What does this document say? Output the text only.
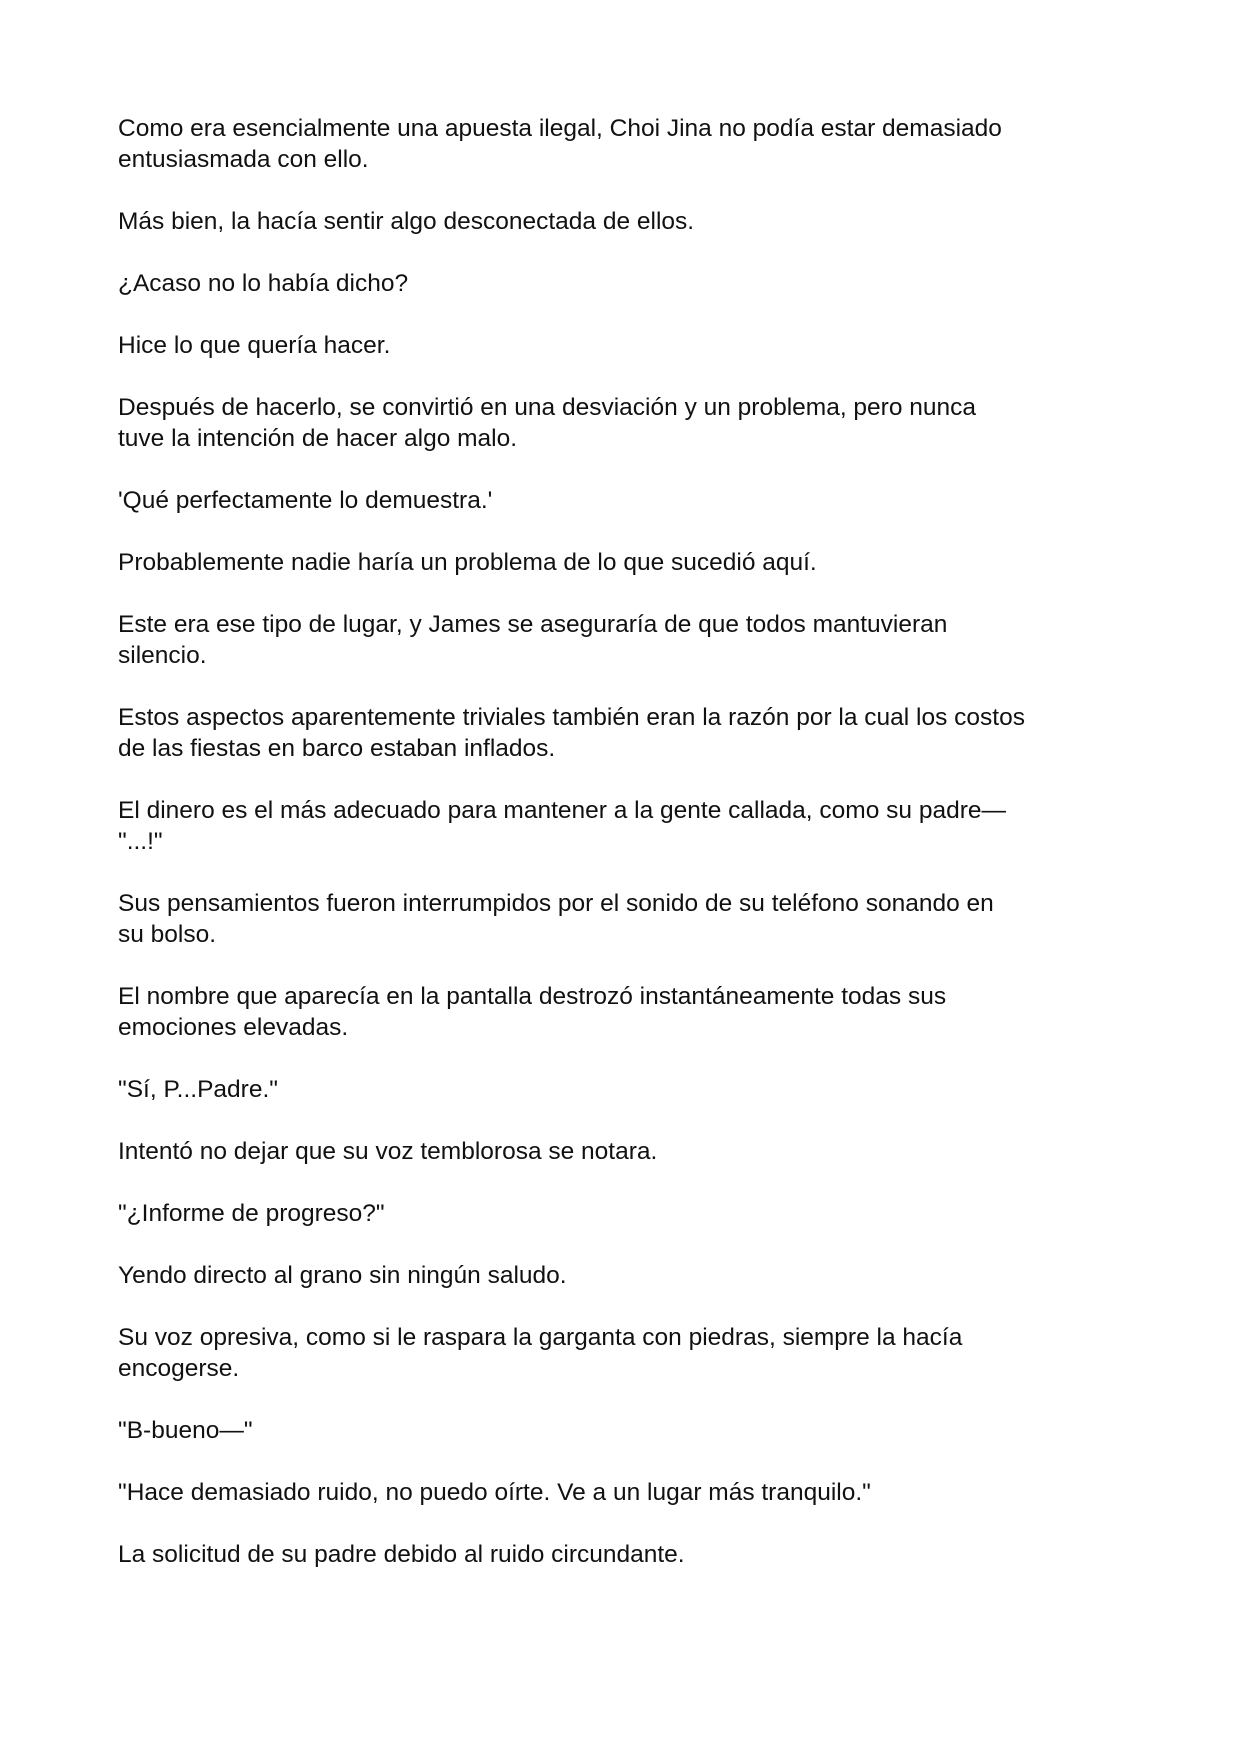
Como era esencialmente una apuesta ilegal, Choi Jina no podía estar demasiado
entusiasmada con ello.

Más bien, la hacía sentir algo desconectada de ellos.

¿Acaso no lo había dicho?

Hice lo que quería hacer.

Después de hacerlo, se convirtió en una desviación y un problema, pero nunca
tuve la intención de hacer algo malo.

'Qué perfectamente lo demuestra.'

Probablemente nadie haría un problema de lo que sucedió aquí.

Este era ese tipo de lugar, y James se aseguraría de que todos mantuvieran
silencio.

Estos aspectos aparentemente triviales también eran la razón por la cual los costos
de las fiestas en barco estaban inflados.

El dinero es el más adecuado para mantener a la gente callada, como su padre—
"...!"

Sus pensamientos fueron interrumpidos por el sonido de su teléfono sonando en
su bolso.

El nombre que aparecía en la pantalla destrozó instantáneamente todas sus
emociones elevadas.

"Sí, P...Padre."

Intentó no dejar que su voz temblorosa se notara.

"¿Informe de progreso?"

Yendo directo al grano sin ningún saludo.

Su voz opresiva, como si le raspara la garganta con piedras, siempre la hacía
encogerse.

"B-bueno—"

"Hace demasiado ruido, no puedo oírte. Ve a un lugar más tranquilo."

La solicitud de su padre debido al ruido circundante.
